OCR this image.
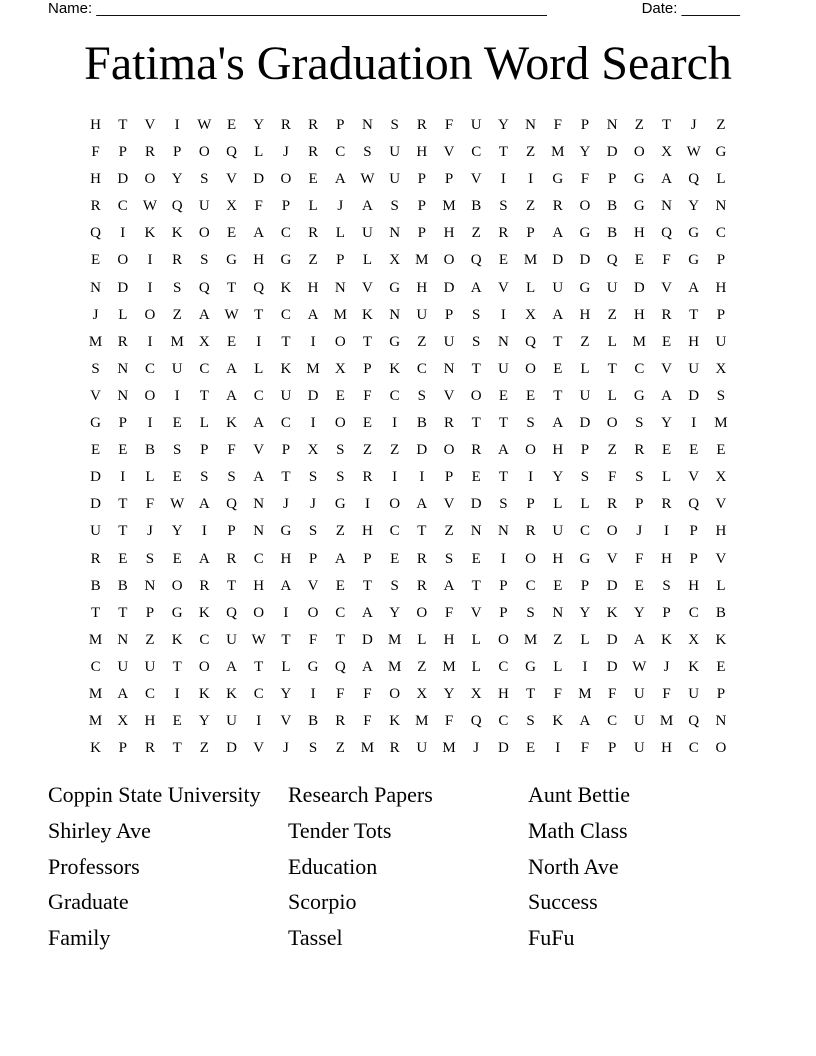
Name: ______________________________________________________	Date: _______
Fatima's Graduation Word Search
H	T	V	I	W	E	Y	R	R	P	N	S	R	F	U	Y	N	F	P	N	Z	T	J	Z
F	P	R	P	O	Q	L	J	R	C	S	U	H	V	C	T	Z	M	Y	D	O	X W G
H	D	O	Y	S	V	D	O	E	A W U	P	P	V	I	I	G	F	P	G	A	Q	L
R	C	W Q	U	X	F	P	L	J	A	S	P	M	B	S	Z	R	O	B	G	N	Y	N
Q	I	K	K	O	E	A	C	R	L	U	N	P	H	Z	R	P	A	G	B	H	Q	G	C
E	O	I	R	S	G	H	G	Z	P	L	X	M	O	Q	E	M	D	D	Q	E	F	G	P
N	D	I	S	Q	T	Q	K	H	N	V	G	H	D	A	V	L	U	G	U	D	V	A	H
J	L	O	Z	A W	T	C	A	M	K	N	U	P	S	I	X	A	H	Z	H	R	T	P
M	R	I	M	X	E	I	T	I	O	T	G	Z	U	S	N	Q	T	Z	L	M	E	H	U
S	N	C	U	C	A	L	K	M	X	P	K	C	N	T	U	O	E	L	T	C	V	U	X
V	N	O	I	T	A	C	U	D	E	F	C	S	V	O	E	E	T	U	L	G	A	D	S
G	P	I	E	L	K	A	C	I	O	E	I	B	R	T	T	S	A	D	O	S	Y	I	M
E	E	B	S	P	F	V	P	X	S	Z	Z	D	O	R	A	O	H	P	Z	R	E	E	E
D	I	L	E	S	S	A	T	S	S	R	I	I	P	E	T	I	Y	S	F	S	L	V	X
D	T	F	W A	Q	N	J	J	G	I	O	A	V	D	S	P	L	L	R	P	R	Q	V
U	T	J	Y	I	P	N	G	S	Z	H	C	T	Z	N	N	R	U	C	O	J	I	P	H
R	E	S	E	A	R	C	H	P	A	P	E	R	S	E	I	O	H	G	V	F	H	P	V
B	B	N	O	R	T	H	A	V	E	T	S	R	A	T	P	C	E	P	D	E	S	H	L
T	T	P	G	K	Q	O	I	O	C	A	Y	O	F	V	P	S	N	Y	K	Y	P	C	B
M	N	Z	K	C	U W	T	F	T	D	M	L	H	L	O	M	Z	L	D	A	K	X	K
C	U	U	T	O	A	T	L	G	Q	A	M	Z	M	L	C	G	L	I	D W	J	K	E
M	A	C	I	K	K	C	Y	I	F	F	O	X	Y	X	H	T	F	M	F	U	F	U	P
M	X	H	E	Y	U	I	V	B	R	F	K	M	F	Q	C	S	K	A	C	U	M	Q	N
K	P	R	T	Z	D	V	J	S	Z	M	R	U	M	J	D	E	I	F	P	U	H	C	O
Coppin State University	Research Papers	Aunt Bettie
Shirley Ave	Tender Tots	Math Class
Professors	Education	North Ave
Graduate	Scorpio	Success
Family	Tassel	FuFu
